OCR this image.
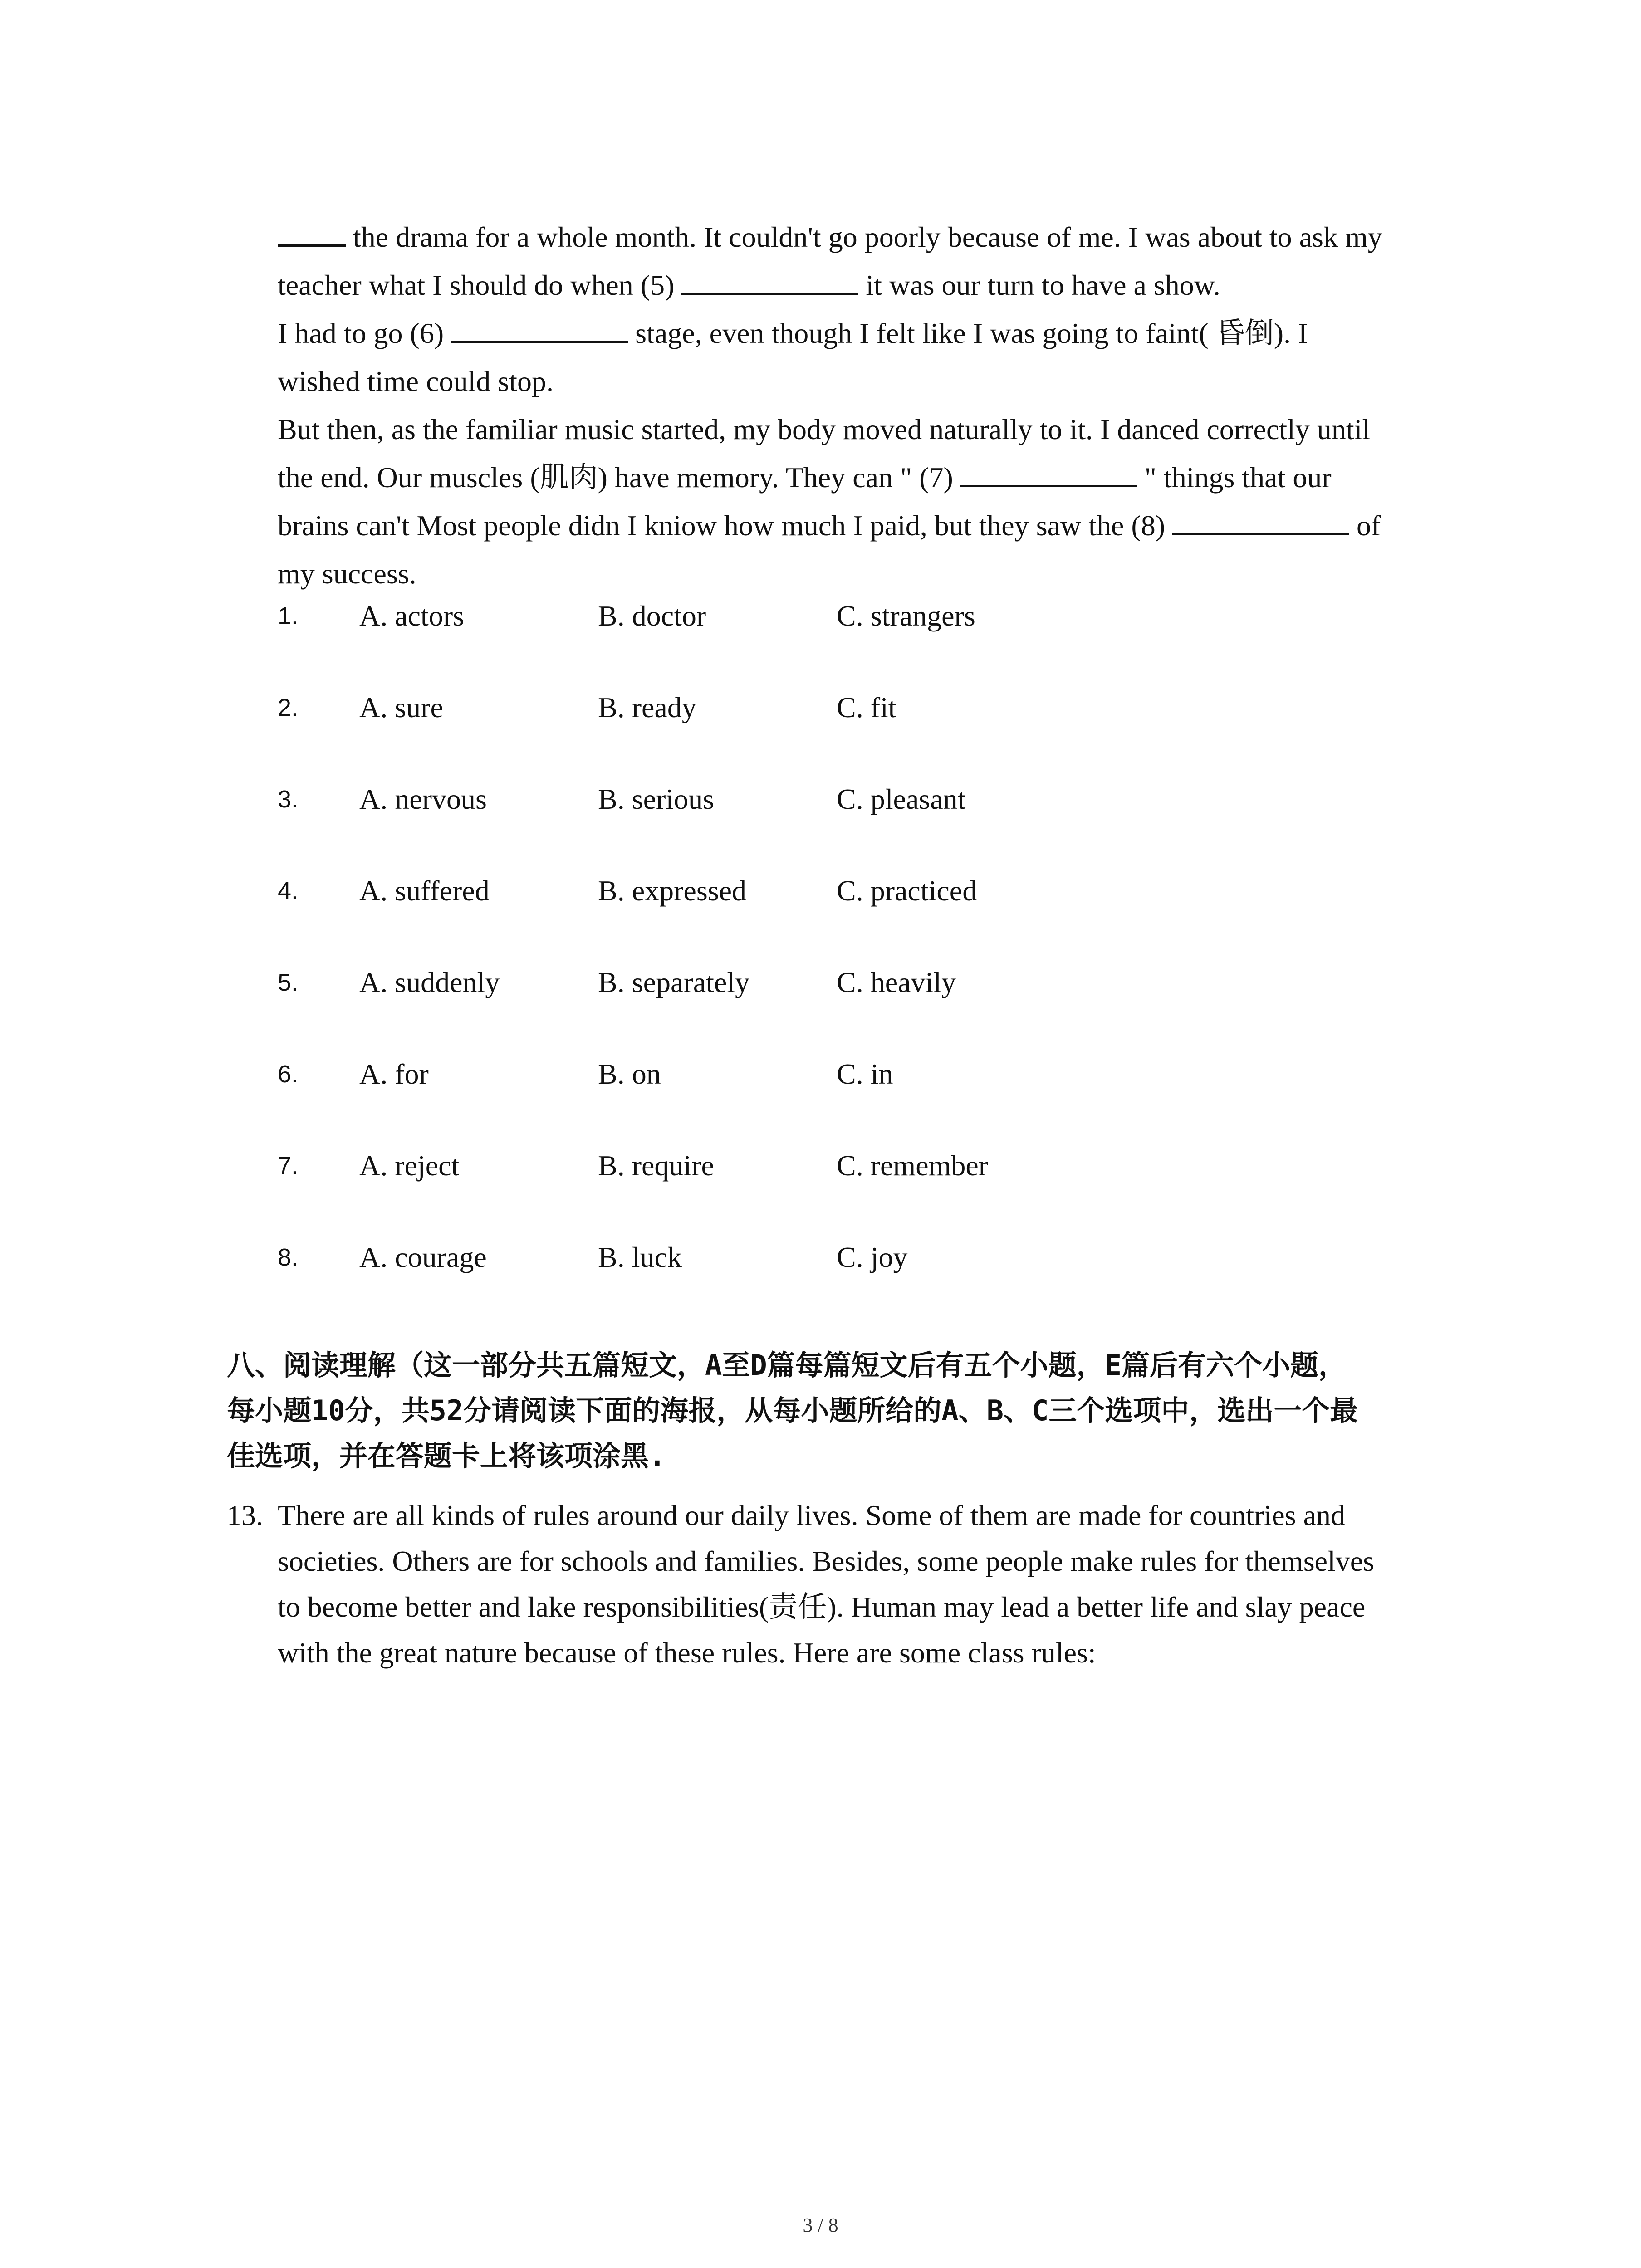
the drama for a whole month. It couldn't go poorly because of me. I was about to ask my

teacher what I should do when (5)	it was our turn to have a show.

I had to go (6)	stage, even though I felt like I was going to faint( 昏倒). I

wished time could stop.

But then, as the familiar music started, my body moved naturally to it. I danced correctly until

the end. Our muscles (肌肉) have memory. They can " (7)	" things that our

brains can't Most people didn I kniow how much I paid, but they saw the (8)	of

my success.

1. A. actors	B. doctor	C. strangers
2. A. sure	B. ready	C. fit
3. A. nervous	B. serious	C. pleasant
4. A. suffered	B. expressed	C. practiced
5. A. suddenly	B. separately	C. heavily
6. A. for	B. on	C. in
7. A. reject	B. require	C. remember
8. A. courage	B. luck	C. joy
八、阅读理解（这一部分共五篇短文，A至D篇每篇短文后有五个小题，E篇后有六个小题，
每小题10分，共52分请阅读下面的海报，从每小题所给的A、B、C三个选项中，选出一个最
佳选项，并在答题卡上将该项涂黑.
13. There are all kinds of rules around our daily lives. Some of them are made for countries and
societies. Others are for schools and families. Besides, some people make rules for themselves
to become better and lake responsibilities(责任). Human may lead a better life and slay peace
with the great nature because of these rules. Here are some class rules:
3 / 8
